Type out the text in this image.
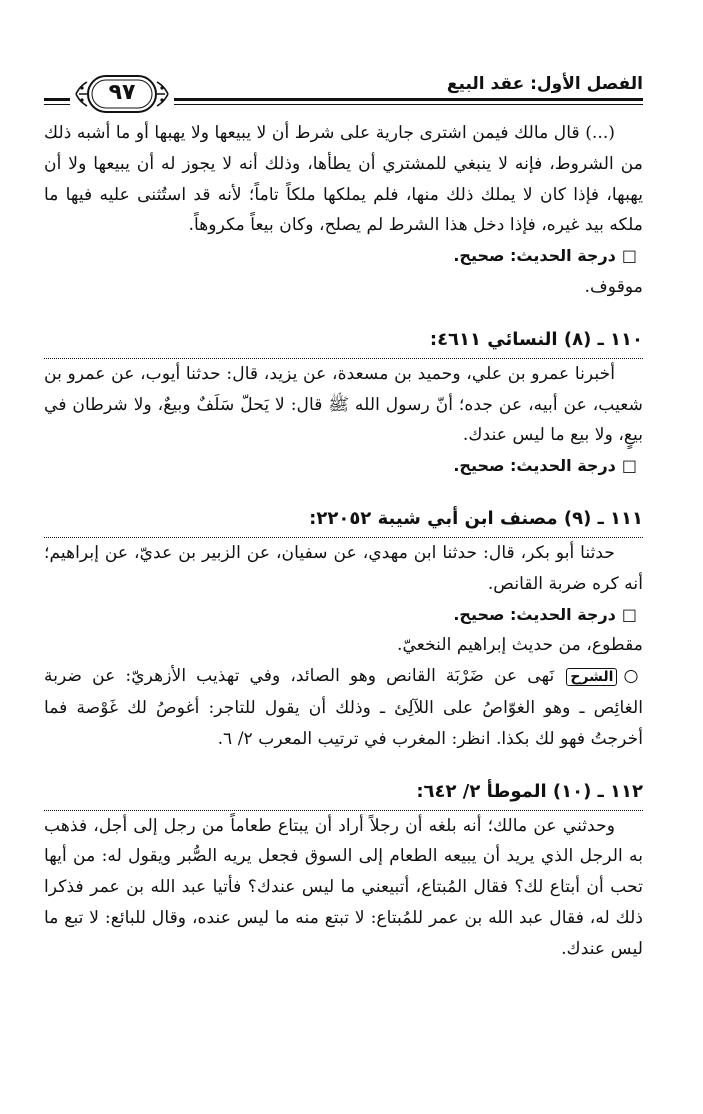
الفصل الأول: عقد البيع
٩٧

(...) قال مالك فيمن اشترى جارية على شرط أن لا يبيعها ولا يهبها أو ما أشبه ذلك من الشروط، فإنه لا ينبغي للمشتري أن يطأها، وذلك أنه لا يجوز له أن يبيعها ولا أن يهبها، فإذا كان لا يملك ذلك منها، فلم يملكها ملكاً تاماً؛ لأنه قد استُثنى عليه فيها ما ملكه بيد غيره، فإذا دخل هذا الشرط لم يصلح، وكان بيعاً مكروهاً.

□درجة الحديث: صحيح.

موقوف.

١١٠ ـ (٨) النسائي ٤٦١١:

أخبرنا عمرو بن علي، وحميد بن مسعدة، عن يزيد، قال: حدثنا أيوب، عن عمرو بن شعيب، عن أبيه، عن جده؛ أنّ رسول الله ﷺ قال: لا يَحلّ سَلَفٌ وبيعٌ، ولا شرطان في بيعٍ، ولا بيع ما ليس عندك.

□درجة الحديث: صحيح.

١١١ ـ (٩) مصنف ابن أبي شيبة ٢٢٠٥٢:

حدثنا أبو بكر، قال: حدثنا ابن مهدي، عن سفيان، عن الزبير بن عديّ، عن إبراهيم؛ أنه كره ضربة القانص.

□درجة الحديث: صحيح.

مقطوع، من حديث إبراهيم النخعيّ.

○الشرح نَهى عن ضَرْبَة القانص وهو الصائد، وفي تهذيب الأزهريّ: عن ضربة الغائِص ـ وهو الغوّاصُ على اللآلِئ ـ وذلك أن يقول للتاجر: أغوصُ لك غَوْصة فما أخرجتُ فهو لك بكذا. انظر: المغرب في ترتيب المعرب ٢/ ٦.

١١٢ ـ (١٠) الموطأ ٢/ ٦٤٢:

وحدثني عن مالك؛ أنه بلغه أن رجلاً أراد أن يبتاع طعاماً من رجل إلى أجل، فذهب به الرجل الذي يريد أن يبيعه الطعام إلى السوق فجعل يريه الصُّبر ويقول له: من أيها تحب أن أبتاع لك؟ فقال المُبتاع، أتبيعني ما ليس عندك؟ فأتيا عبد الله بن عمر فذكرا ذلك له، فقال عبد الله بن عمر للمُبتاع: لا تبتع منه ما ليس عنده، وقال للبائع: لا تبع ما ليس عندك.
